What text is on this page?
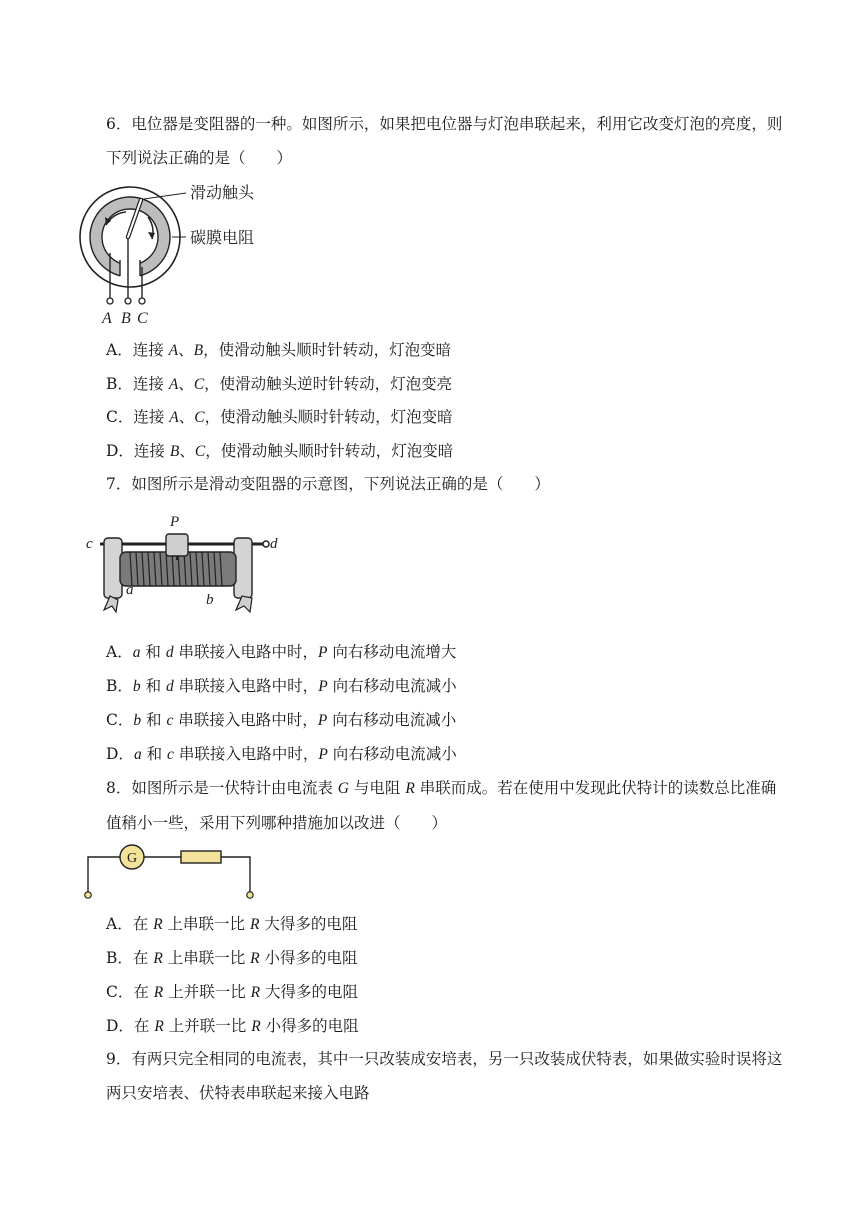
6．电位器是变阻器的一种。如图所示，如果把电位器与灯泡串联起来，利用它改变灯泡的亮度，则下列说法正确的是（　　）
滑动触头
碳膜电阻
A B C
A．连接 A、B，使滑动触头顺时针转动，灯泡变暗
B．连接 A、C，使滑动触头逆时针转动，灯泡变亮
C．连接 A、C，使滑动触头顺时针转动，灯泡变暗
D．连接 B、C，使滑动触头顺时针转动，灯泡变暗
7．如图所示是滑动变阻器的示意图，下列说法正确的是（　　）
P
c	d
a
b
A．a 和 d 串联接入电路中时，P 向右移动电流增大
B．b 和 d 串联接入电路中时，P 向右移动电流减小
C．b 和 c 串联接入电路中时，P 向右移动电流减小
D．a 和 c 串联接入电路中时，P 向右移动电流减小
8．如图所示是一伏特计由电流表 G 与电阻 R 串联而成。若在使用中发现此伏特计的读数总比准确值稍小一些，采用下列哪种措施加以改进（　　）
G
A．在 R 上串联一比 R 大得多的电阻
B．在 R 上串联一比 R 小得多的电阻
C．在 R 上并联一比 R 大得多的电阻
D．在 R 上并联一比 R 小得多的电阻
9．有两只完全相同的电流表，其中一只改装成安培表，另一只改装成伏特表，如果做实验时误将这两只安培表、伏特表串联起来接入电路
